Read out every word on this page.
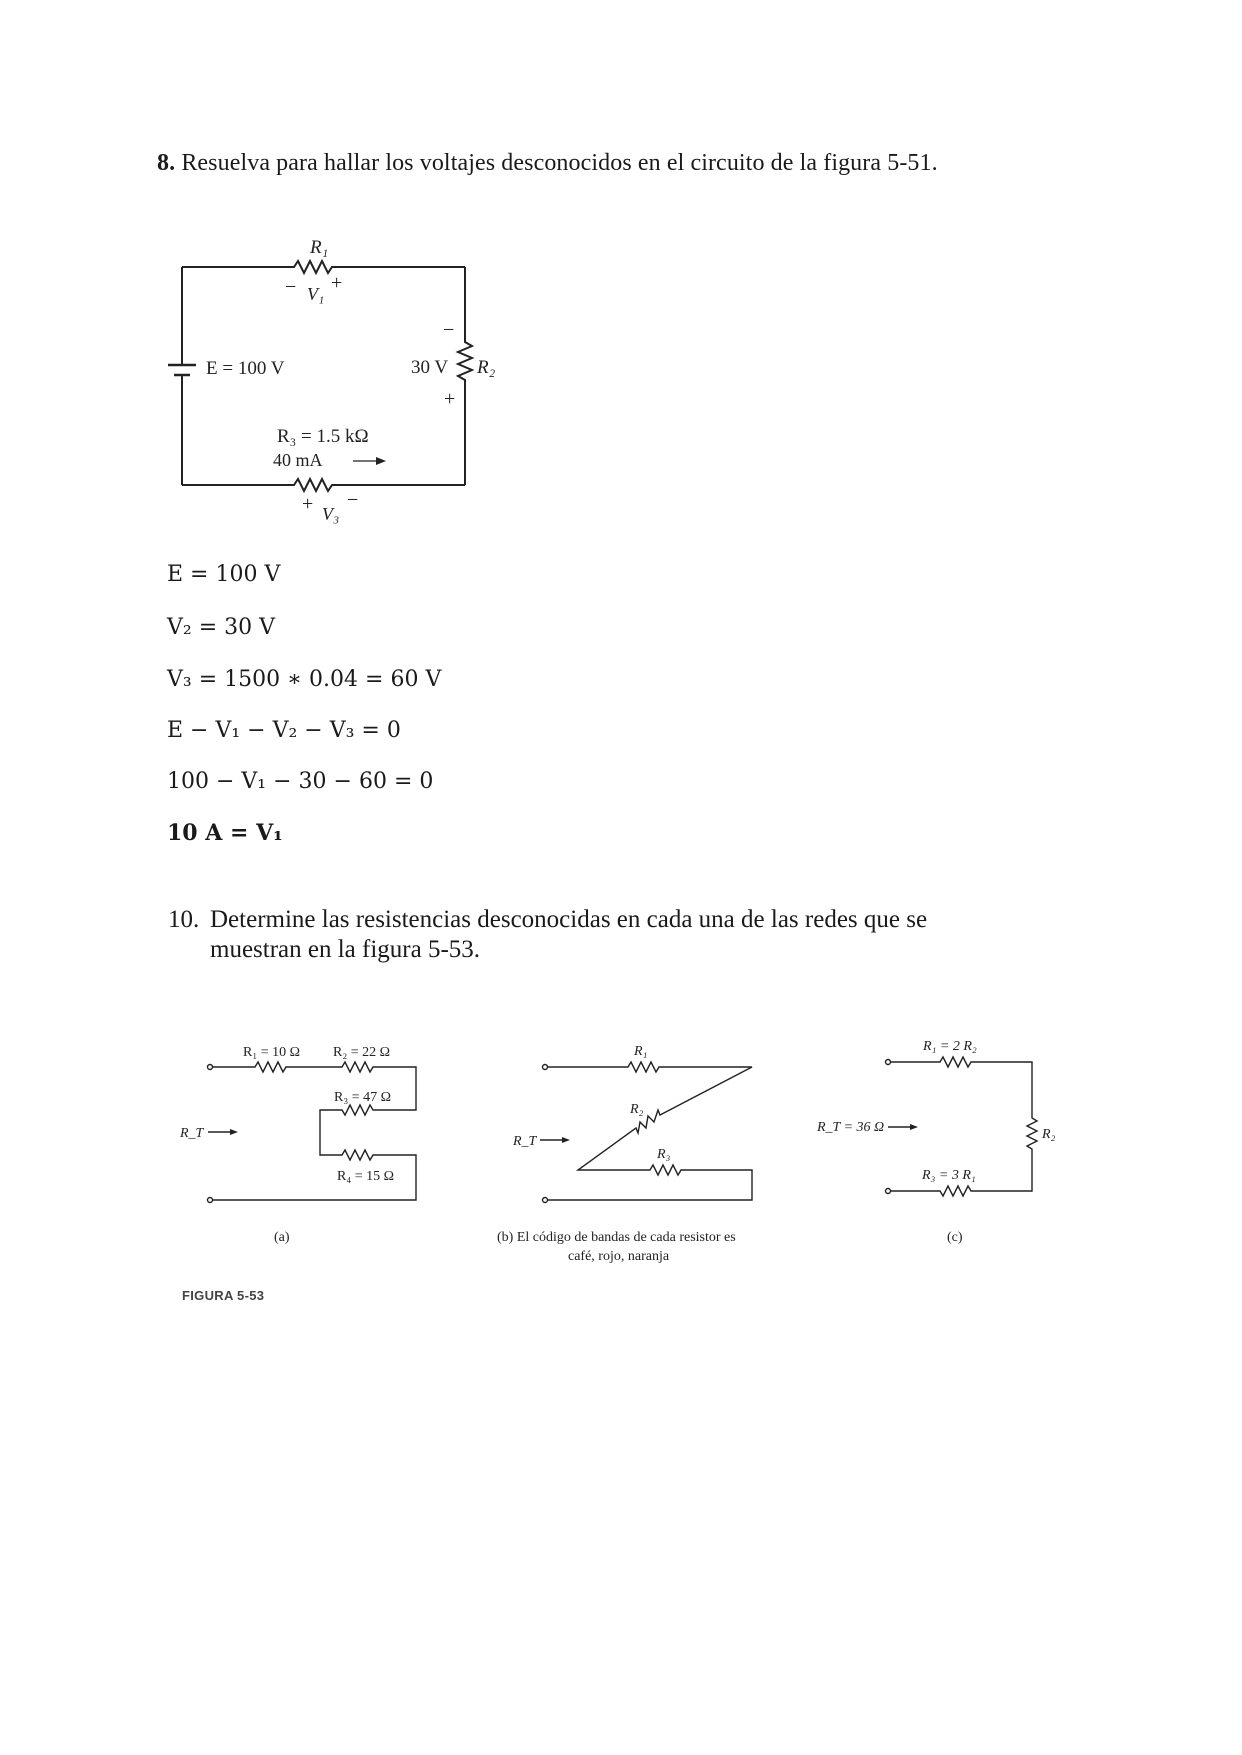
8. Resuelva para hallar los voltajes desconocidos en el circuito de la figura 5-51.
R₁
− V₁ +
E = 100 V
−
30 V R₂
+
R₃ = 1.5 kΩ
40 mA
+ V₃
−
E = 100 V
V₂ = 30 V
V₃ = 1500 ∗ 0.04 = 60 V
E − V₁ − V₂ − V₃ = 0
100 − V₁ − 30 − 60 = 0
10 A = V₁
10. Determine las resistencias desconocidas en cada una de las redes que se
muestran en la figura 5-53.
R₁ = 10 Ω R₂ = 22 Ω
R₃ = 47 Ω
R₄ = 15 Ω
R_T
(a)
R₁
R₂
R₃
R_T
(b) El código de bandas de cada resistor es
café, rojo, naranja
R₁ = 2 R₂
R₂
R₃ = 3 R₁
R_T = 36 Ω
(c)
FIGURA 5-53
